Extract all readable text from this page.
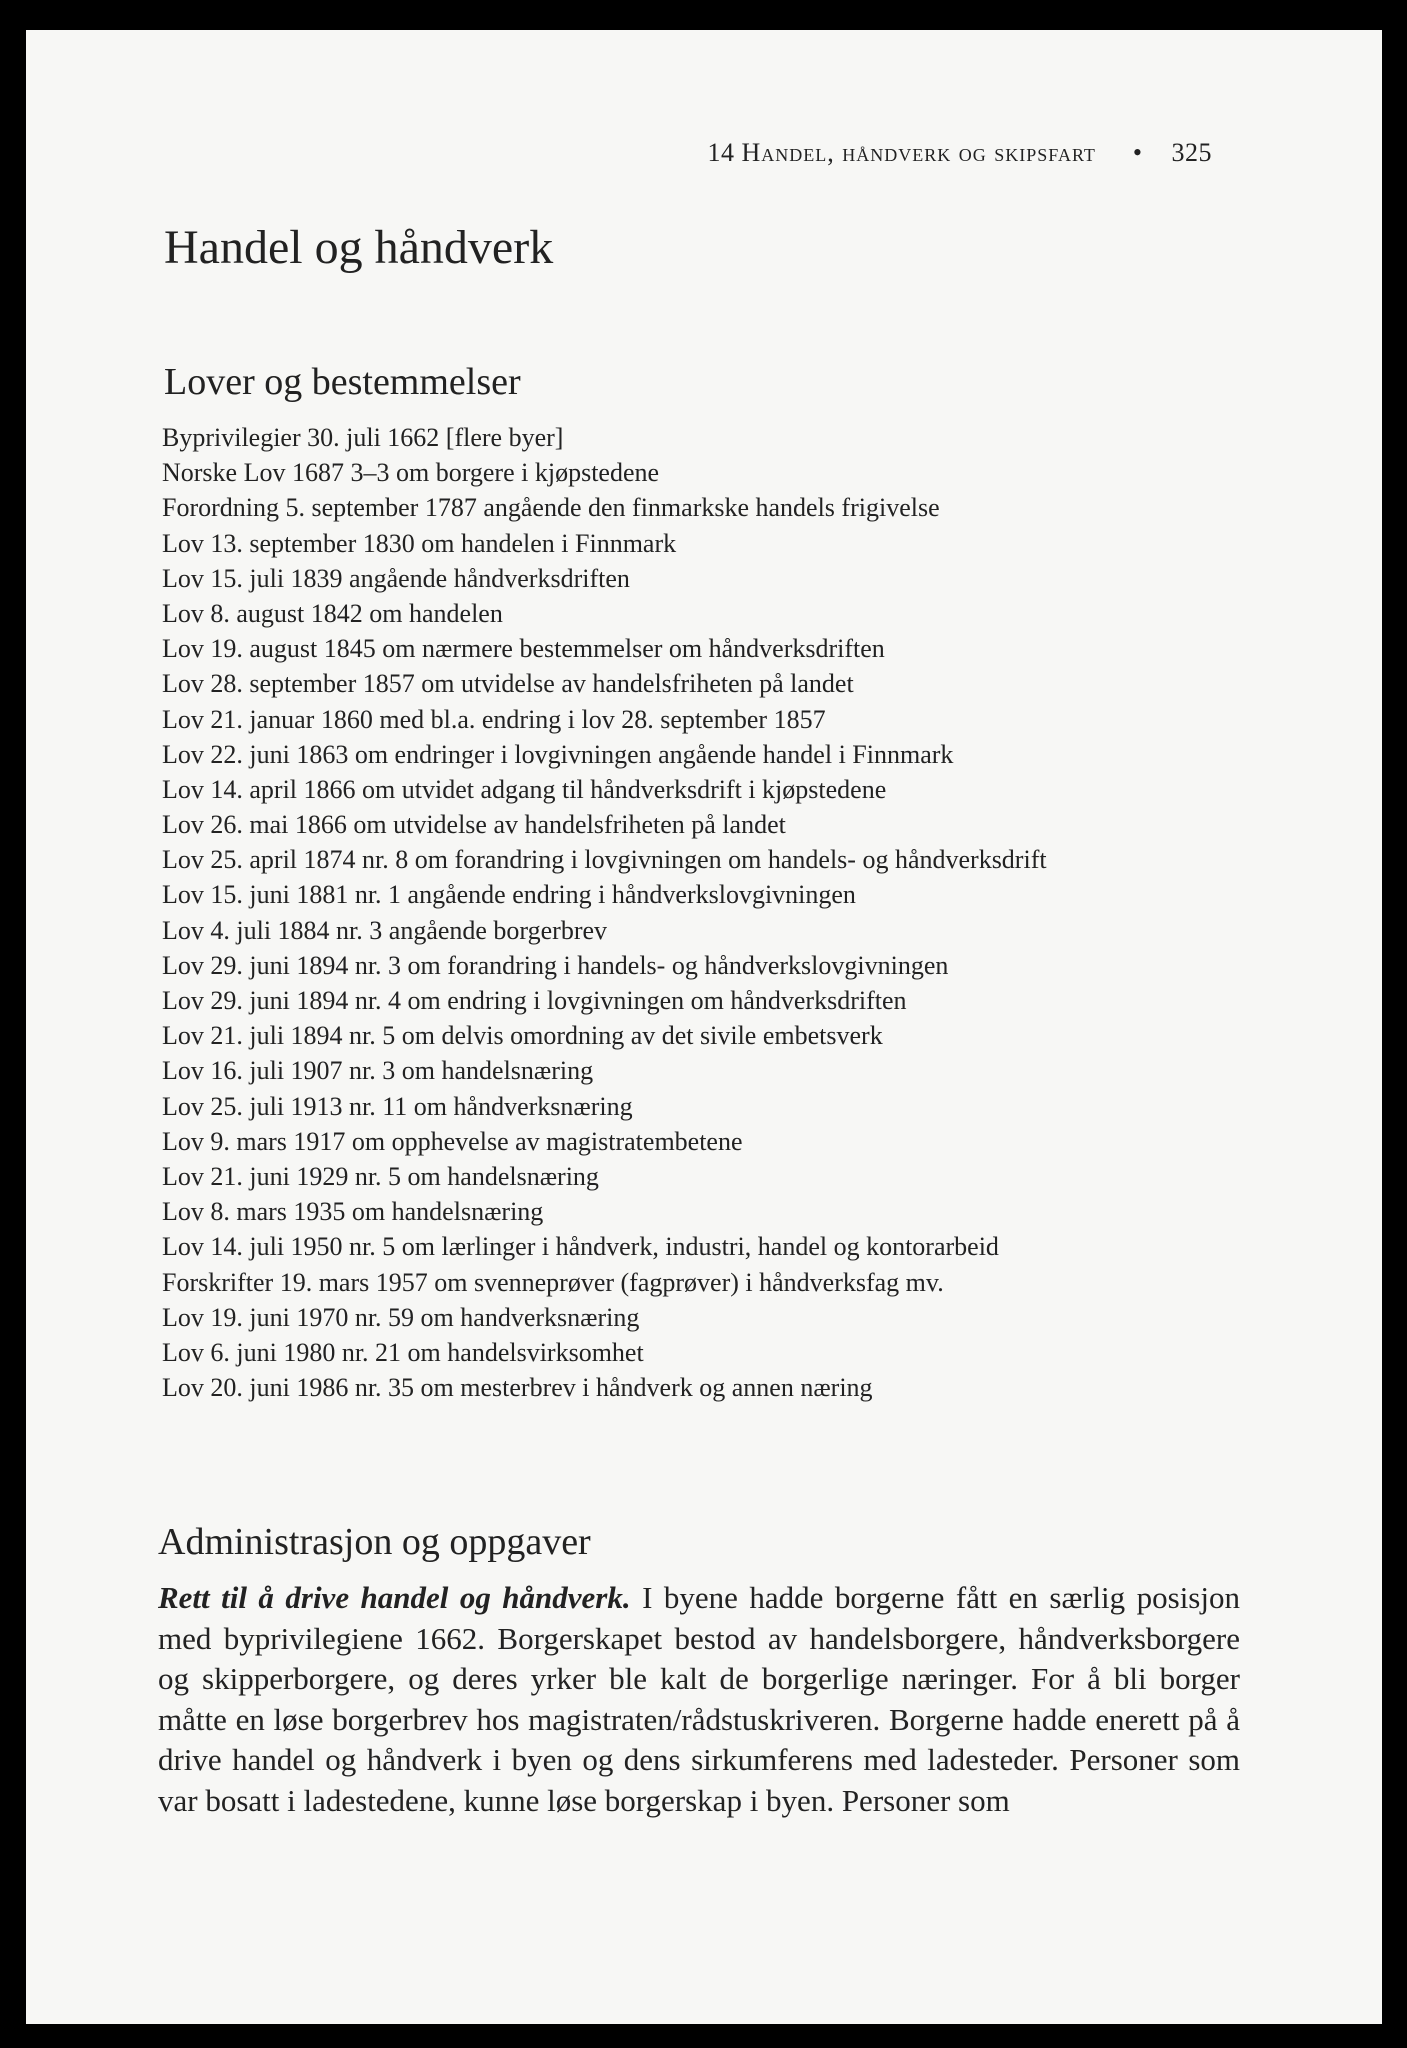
14 Handel, håndverk og skipsfart • 325
Handel og håndverk
Lover og bestemmelser
Byprivilegier 30. juli 1662 [flere byer]
Norske Lov 1687 3–3 om borgere i kjøpstedene
Forordning 5. september 1787 angående den finmarkske handels frigivelse
Lov 13. september 1830 om handelen i Finnmark
Lov 15. juli 1839 angående håndverksdriften
Lov 8. august 1842 om handelen
Lov 19. august 1845 om nærmere bestemmelser om håndverksdriften
Lov 28. september 1857 om utvidelse av handelsfriheten på landet
Lov 21. januar 1860 med bl.a. endring i lov 28. september 1857
Lov 22. juni 1863 om endringer i lovgivningen angående handel i Finnmark
Lov 14. april 1866 om utvidet adgang til håndverksdrift i kjøpstedene
Lov 26. mai 1866 om utvidelse av handelsfriheten på landet
Lov 25. april 1874 nr. 8 om forandring i lovgivningen om handels- og håndverksdrift
Lov 15. juni 1881 nr. 1 angående endring i håndverkslovgivningen
Lov 4. juli 1884 nr. 3 angående borgerbrev
Lov 29. juni 1894 nr. 3 om forandring i handels- og håndverkslovgivningen
Lov 29. juni 1894 nr. 4 om endring i lovgivningen om håndverksdriften
Lov 21. juli 1894 nr. 5 om delvis omordning av det sivile embetsverk
Lov 16. juli 1907 nr. 3 om handelsnæring
Lov 25. juli 1913 nr. 11 om håndverksnæring
Lov 9. mars 1917 om opphevelse av magistratembetene
Lov 21. juni 1929 nr. 5 om handelsnæring
Lov 8. mars 1935 om handelsnæring
Lov 14. juli 1950 nr. 5 om lærlinger i håndverk, industri, handel og kontorarbeid
Forskrifter 19. mars 1957 om svenneprøver (fagprøver) i håndverksfag mv.
Lov 19. juni 1970 nr. 59 om handverksnæring
Lov 6. juni 1980 nr. 21 om handelsvirksomhet
Lov 20. juni 1986 nr. 35 om mesterbrev i håndverk og annen næring
Administrasjon og oppgaver

Rett til å drive handel og håndverk. I byene hadde borgerne fått en særlig posisjon med byprivilegiene 1662. Borgerskapet bestod av handelsborgere, håndverksborgere og skipperborgere, og deres yrker ble kalt de borgerlige næringer. For å bli borger måtte en løse borgerbrev hos magistraten/rådstuskriveren. Borgerne hadde enerett på å drive handel og håndverk i byen og dens sirkumferens med ladesteder. Personer som var bosatt i ladestedene, kunne løse borgerskap i byen. Personer som
